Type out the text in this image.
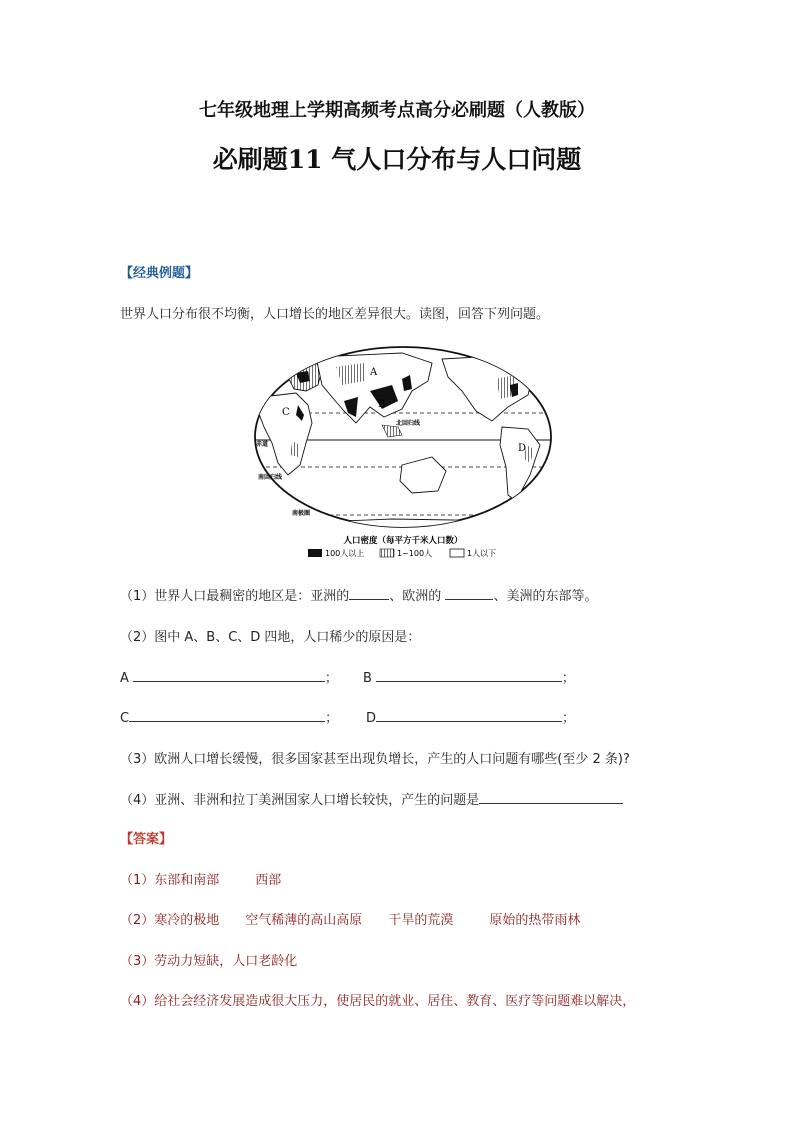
七年级地理上学期高频考点高分必刷题（人教版）
必刷题11 气人口分布与人口问题
【经典例题】
世界人口分布很不均衡，人口增长的地区差异很大。读图，回答下列问题。
A
B
C
D
北回归线
赤道
南回归线
南极圈
人口密度（每平方千米人口数）
100人以上	1~100人	1人以下
（1）世界人口最稠密的地区是：亚洲的	、欧洲的	、美洲的东部等。
（2）图中 A、B、C、D 四地，人口稀少的原因是：
A	； B	；
C	； D	；
（3）欧洲人口增长缓慢，很多国家甚至出现负增长，产生的人口问题有哪些(至少 2 条)?
（4）亚洲、非洲和拉丁美洲国家人口增长较快，产生的问题是
【答案】
（1）东部和南部	西部
（2）寒冷的极地 空气稀薄的高山高原 干旱的荒漠	原始的热带雨林
（3）劳动力短缺，人口老龄化
（4）给社会经济发展造成很大压力，使居民的就业、居住、教育、医疗等问题难以解决，
